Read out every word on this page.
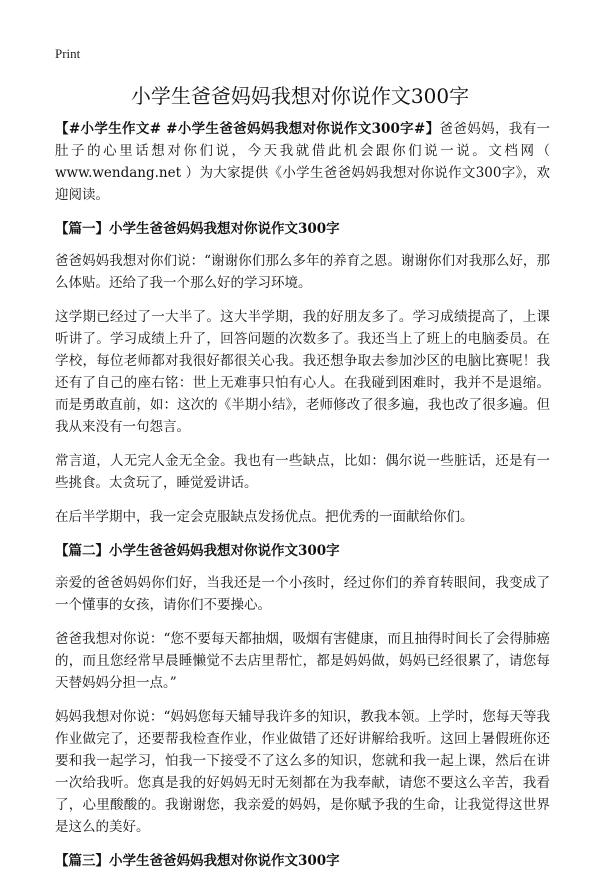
Print
小学生爸爸妈妈我想对你说作文300字

【#小学生作文# #小学生爸爸妈妈我想对你说作文300字#】爸爸妈妈，我有一肚子的心里话想对你们说，今天我就借此机会跟你们说一说。文档网（ www.wendang.net ）为大家提供《小学生爸爸妈妈我想对你说作文300字》，欢迎阅读。

【篇一】小学生爸爸妈妈我想对你说作文300字

爸爸妈妈我想对你们说：“谢谢你们那么多年的养育之恩。谢谢你们对我那么好，那么体贴。还给了我一个那么好的学习环境。

这学期已经过了一大半了。这大半学期，我的好朋友多了。学习成绩提高了，上课听讲了。学习成绩上升了，回答问题的次数多了。我还当上了班上的电脑委员。在学校，每位老师都对我很好都很关心我。我还想争取去参加沙区的电脑比赛呢！我还有了自己的座右铭：世上无难事只怕有心人。在我碰到困难时，我并不是退缩。而是勇敢直前，如：这次的《半期小结》，老师修改了很多遍，我也改了很多遍。但我从来没有一句怨言。

常言道，人无完人金无全金。我也有一些缺点，比如：偶尔说一些脏话，还是有一些挑食。太贪玩了，睡觉爱讲话。

在后半学期中，我一定会克服缺点发扬优点。把优秀的一面献给你们。

【篇二】小学生爸爸妈妈我想对你说作文300字

亲爱的爸爸妈妈你们好，当我还是一个小孩时，经过你们的养育转眼间，我变成了一个懂事的女孩，请你们不要操心。

爸爸我想对你说：“您不要每天都抽烟，吸烟有害健康，而且抽得时间长了会得肺癌的，而且您经常早晨睡懒觉不去店里帮忙，都是妈妈做，妈妈已经很累了，请您每天替妈妈分担一点。”

妈妈我想对你说：“妈妈您每天辅导我许多的知识，教我本领。上学时，您每天等我作业做完了，还要帮我检查作业，作业做错了还好讲解给我听。这回上暑假班你还要和我一起学习，怕我一下接受不了这么多的知识，您就和我一起上课，然后在讲一次给我听。您真是我的好妈妈无时无刻都在为我奉献，请您不要这么辛苦，我看了，心里酸酸的。我谢谢您，我亲爱的妈妈，是你赋予我的生命，让我觉得这世界是这么的美好。

【篇三】小学生爸爸妈妈我想对你说作文300字
